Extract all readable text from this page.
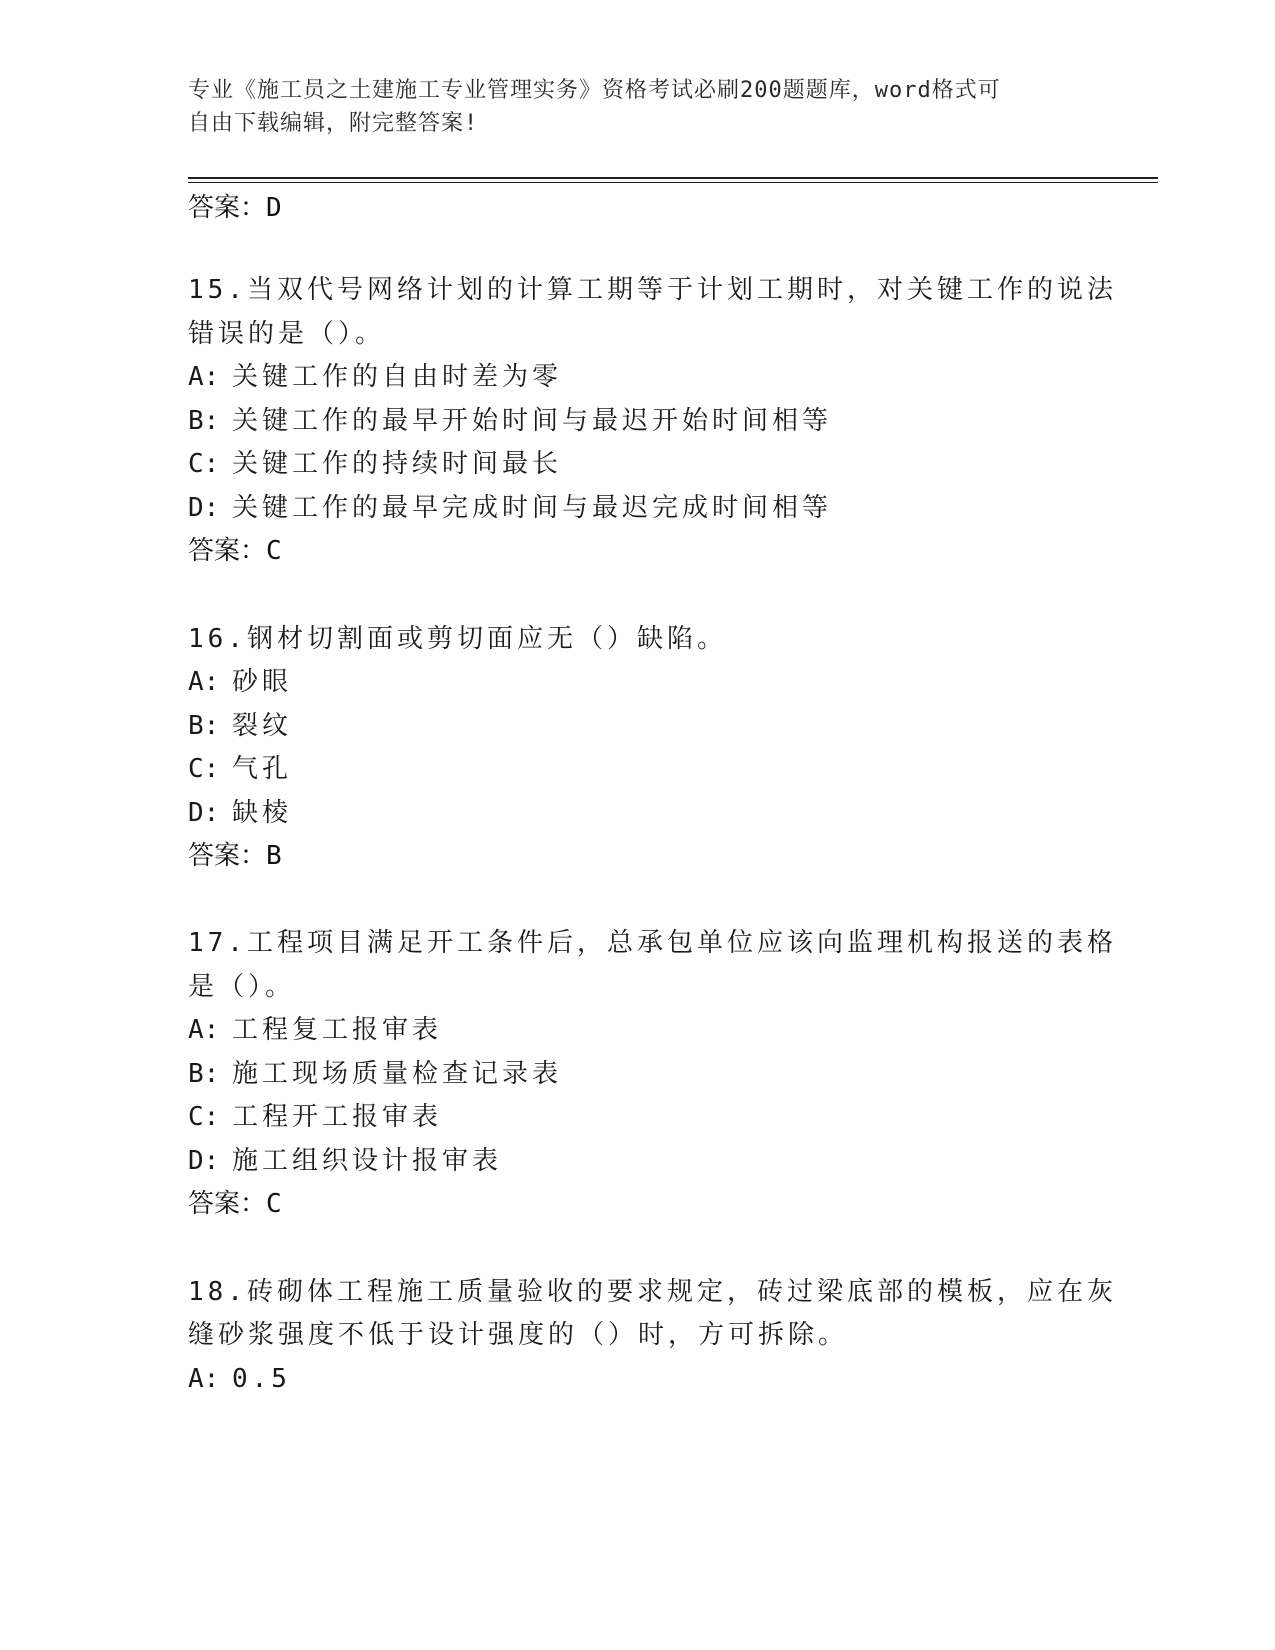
专业《施工员之土建施工专业管理实务》资格考试必刷200题题库，word格式可
自由下载编辑，附完整答案!
答案：D
15.当双代号网络计划的计算工期等于计划工期时，对关键工作的说法
错误的是（）。
A: 关键工作的自由时差为零
B: 关键工作的最早开始时间与最迟开始时间相等
C: 关键工作的持续时间最长
D: 关键工作的最早完成时间与最迟完成时间相等
答案：C
16.钢材切割面或剪切面应无（）缺陷。
A: 砂眼
B: 裂纹
C: 气孔
D: 缺棱
答案：B
17.工程项目满足开工条件后，总承包单位应该向监理机构报送的表格
是（）。
A: 工程复工报审表
B: 施工现场质量检查记录表
C: 工程开工报审表
D: 施工组织设计报审表
答案：C
18.砖砌体工程施工质量验收的要求规定，砖过梁底部的模板，应在灰
缝砂浆强度不低于设计强度的（）时，方可拆除。
A: 0.5
